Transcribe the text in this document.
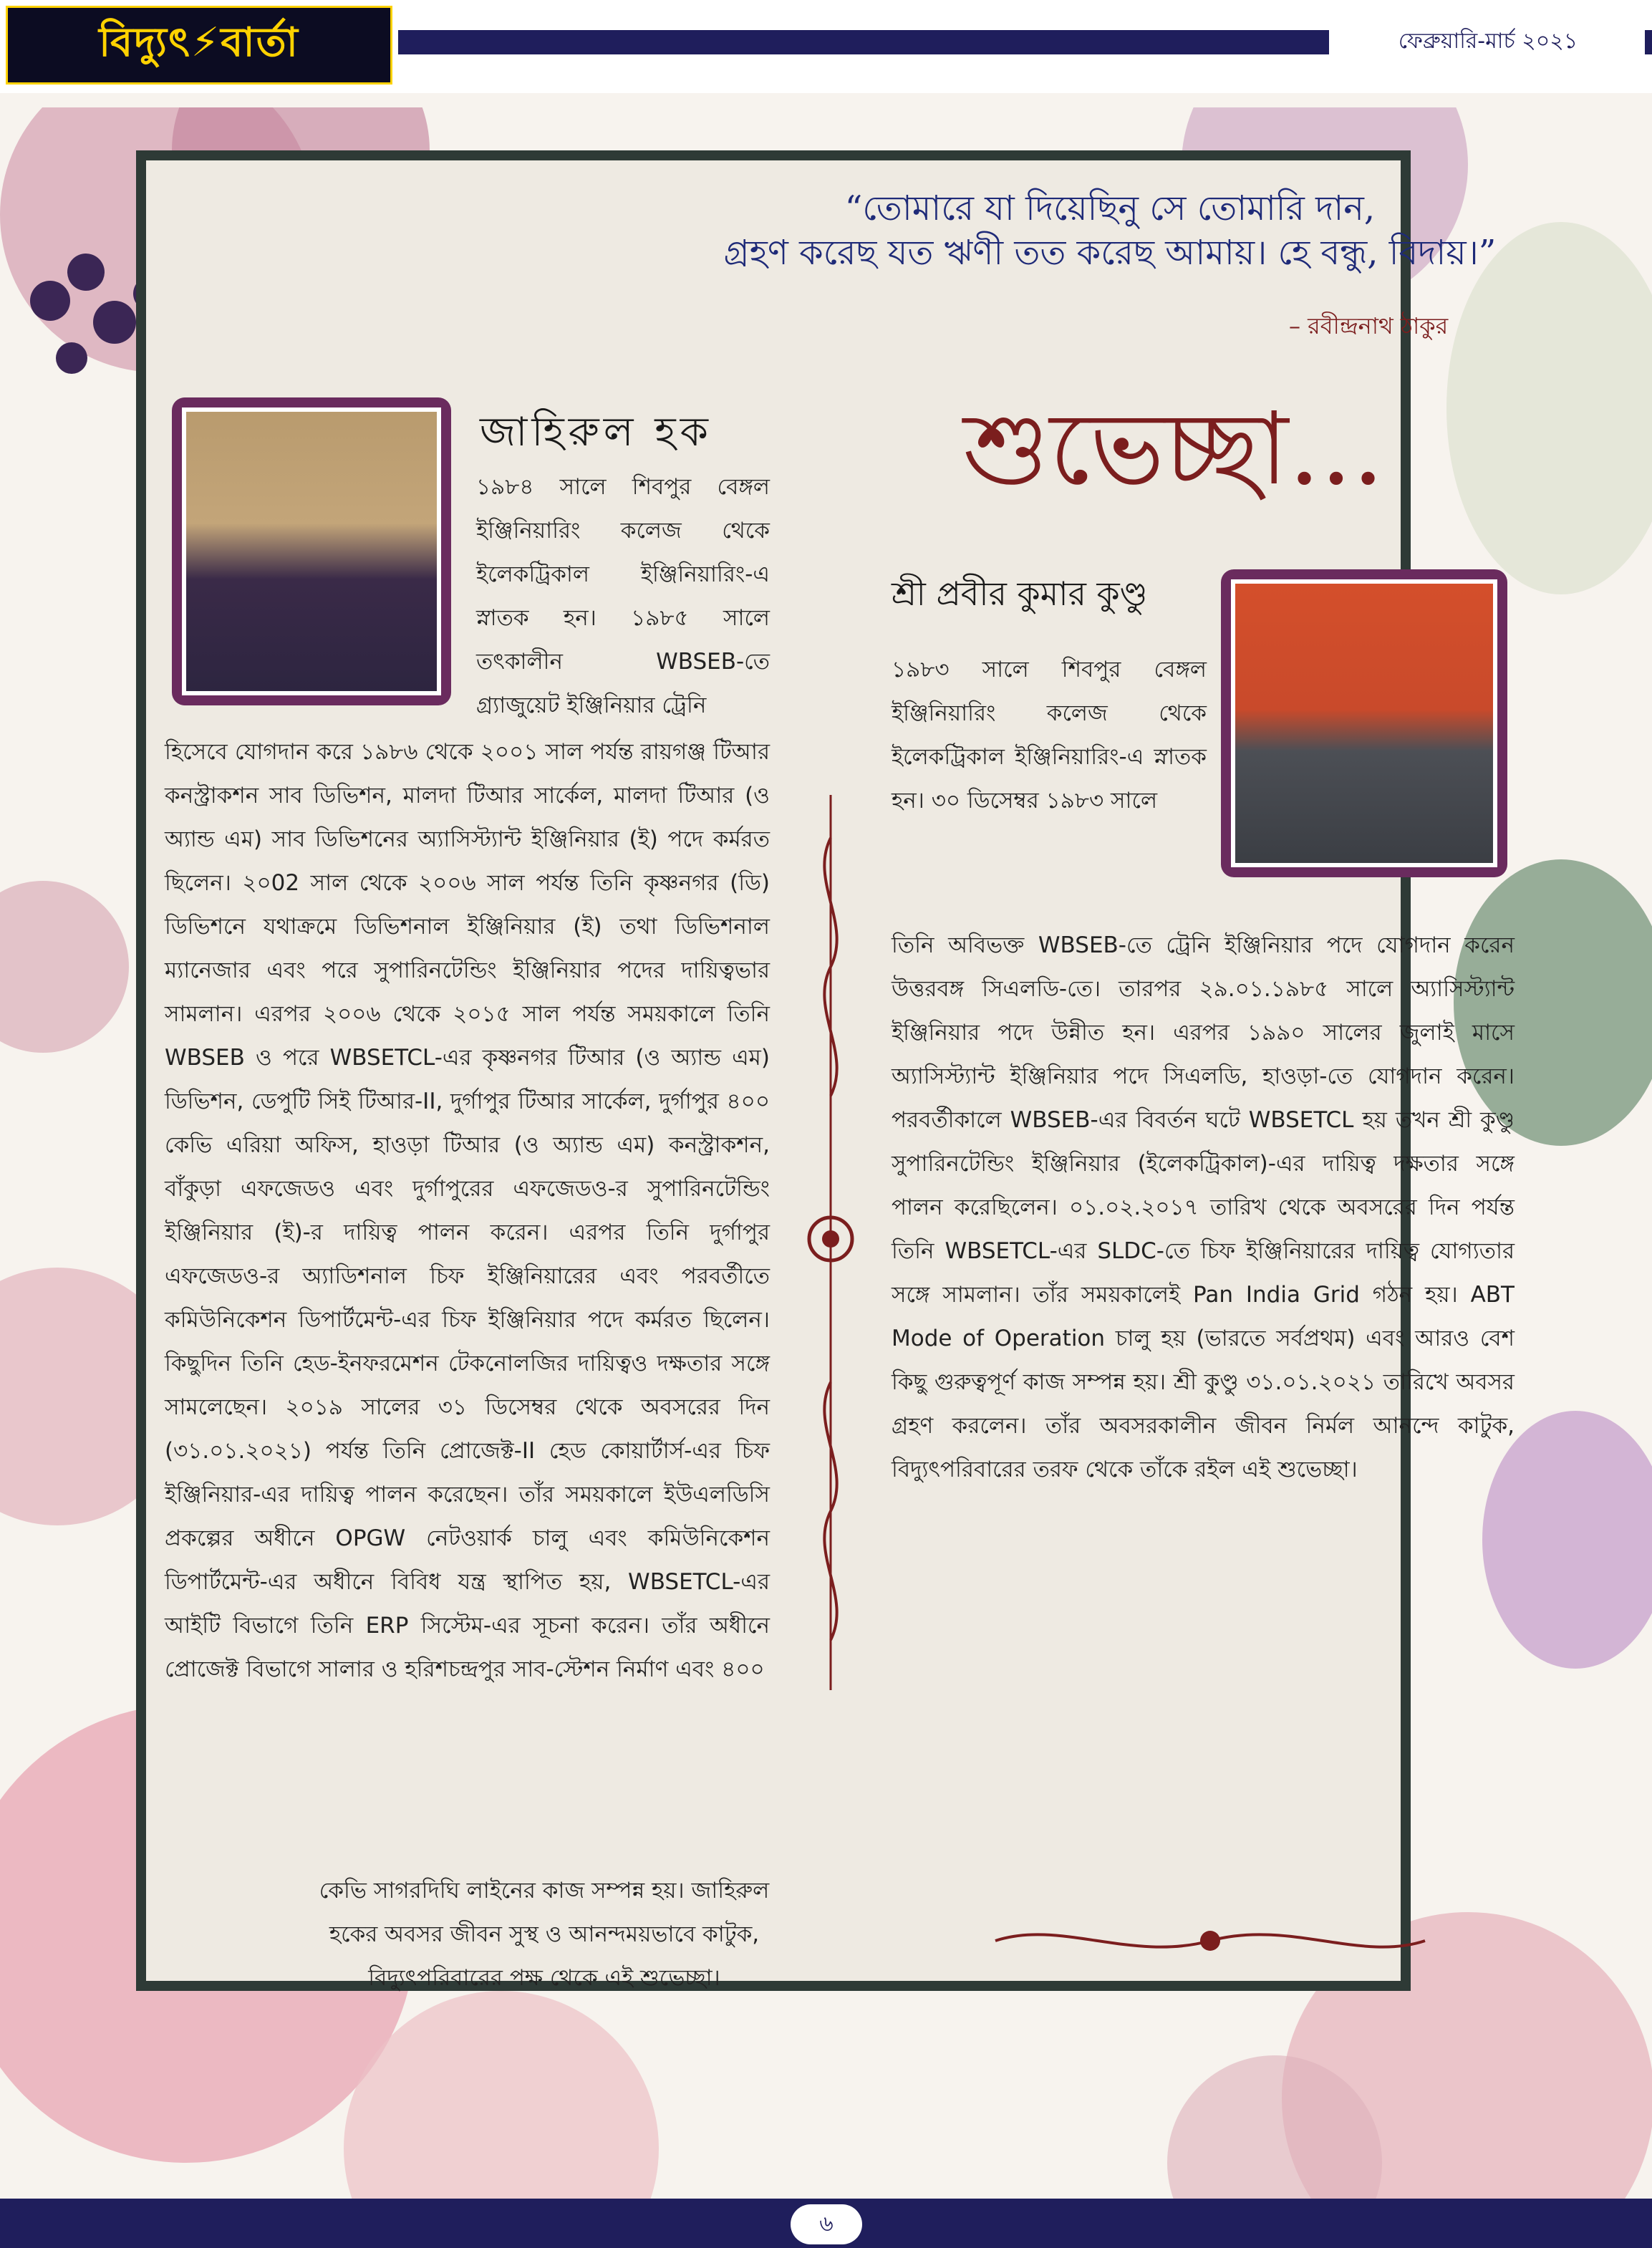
বিদ্যুৎ⚡বার্তা	ফেব্রুয়ারি-মার্চ ২০২১
“তোমারে যা দিয়েছিনু সে তোমারি দান,
গ্রহণ করেছ যত ঋণী তত করেছ আমায়। হে বন্ধু, বিদায়।”
– রবীন্দ্রনাথ ঠাকুর
জাহিরুল হক
১৯৮৪ সালে শিবপুর বেঙ্গল ইঞ্জিনিয়ারিং কলেজ থেকে ইলেকট্রিকাল ইঞ্জিনিয়ারিং-এ স্নাতক হন। ১৯৮৫ সালে তৎকালীন WBSEB-তে গ্র্যাজুয়েট ইঞ্জিনিয়ার ট্রেনি
হিসেবে যোগদান করে ১৯৮৬ থেকে ২০০১ সাল পর্যন্ত রায়গঞ্জ টিআর কনস্ট্রাকশন সাব ডিভিশন, মালদা টিআর সার্কেল, মালদা টিআর (ও অ্যান্ড এম) সাব ডিভিশনের অ্যাসিস্ট্যান্ট ইঞ্জিনিয়ার (ই) পদে কর্মরত ছিলেন। ২০02 সাল থেকে ২০০৬ সাল পর্যন্ত তিনি কৃষ্ণনগর (ডি) ডিভিশনে যথাক্রমে ডিভিশনাল ইঞ্জিনিয়ার (ই) তথা ডিভিশনাল ম্যানেজার এবং পরে সুপারিনটেন্ডিং ইঞ্জিনিয়ার পদের দায়িত্বভার সামলান। এরপর ২০০৬ থেকে ২০১৫ সাল পর্যন্ত সময়কালে তিনি WBSEB ও পরে WBSETCL-এর কৃষ্ণনগর টিআর (ও অ্যান্ড এম) ডিভিশন, ডেপুটি সিই টিআর-II, দুর্গাপুর টিআর সার্কেল, দুর্গাপুর ৪০০ কেভি এরিয়া অফিস, হাওড়া টিআর (ও অ্যান্ড এম) কনস্ট্রাকশন, বাঁকুড়া এফজেডও এবং দুর্গাপুরের এফজেডও-র সুপারিনটেন্ডিং ইঞ্জিনিয়ার (ই)-র দায়িত্ব পালন করেন। এরপর তিনি দুর্গাপুর এফজেডও-র অ্যাডিশনাল চিফ ইঞ্জিনিয়ারের এবং পরবর্তীতে কমিউনিকেশন ডিপার্টমেন্ট-এর চিফ ইঞ্জিনিয়ার পদে কর্মরত ছিলেন। কিছুদিন তিনি হেড-ইনফরমেশন টেকনোলজির দায়িত্বও দক্ষতার সঙ্গে সামলেছেন। ২০১৯ সালের ৩১ ডিসেম্বর থেকে অবসরের দিন (৩১.০১.২০২১) পর্যন্ত তিনি প্রোজেক্ট-II হেড কোয়ার্টার্স-এর চিফ ইঞ্জিনিয়ার-এর দায়িত্ব পালন করেছেন। তাঁর সময়কালে ইউএলডিসি প্রকল্পের অধীনে OPGW নেটওয়ার্ক চালু এবং কমিউনিকেশন ডিপার্টমেন্ট-এর অধীনে বিবিধ যন্ত্র স্থাপিত হয়, WBSETCL-এর আইটি বিভাগে তিনি ERP সিস্টেম-এর সূচনা করেন। তাঁর অধীনে প্রোজেক্ট বিভাগে সালার ও হরিশচন্দ্রপুর সাব-স্টেশন নির্মাণ এবং ৪০০
কেভি সাগরদিঘি লাইনের কাজ সম্পন্ন হয়। জাহিরুল হকের অবসর জীবন সুস্থ ও আনন্দময়ভাবে কাটুক, বিদ্যুৎপরিবারের পক্ষ থেকে এই শুভেচ্ছা।
শুভেচ্ছা...
শ্রী প্রবীর কুমার কুণ্ডু
১৯৮৩ সালে শিবপুর বেঙ্গল ইঞ্জিনিয়ারিং কলেজ থেকে ইলেকট্রিকাল ইঞ্জিনিয়ারিং-এ স্নাতক হন। ৩০ ডিসেম্বর ১৯৮৩ সালে
তিনি অবিভক্ত WBSEB-তে ট্রেনি ইঞ্জিনিয়ার পদে যোগদান করেন উত্তরবঙ্গ সিএলডি-তে। তারপর ২৯.০১.১৯৮৫ সালে অ্যাসিস্ট্যান্ট ইঞ্জিনিয়ার পদে উন্নীত হন। এরপর ১৯৯০ সালের জুলাই মাসে অ্যাসিস্ট্যান্ট ইঞ্জিনিয়ার পদে সিএলডি, হাওড়া-তে যোগদান করেন। পরবর্তীকালে WBSEB-এর বিবর্তন ঘটে WBSETCL হয় তখন শ্রী কুণ্ডু সুপারিনটেন্ডিং ইঞ্জিনিয়ার (ইলেকট্রিকাল)-এর দায়িত্ব দক্ষতার সঙ্গে পালন করেছিলেন। ০১.০২.২০১৭ তারিখ থেকে অবসরের দিন পর্যন্ত তিনি WBSETCL-এর SLDC-তে চিফ ইঞ্জিনিয়ারের দায়িত্ব যোগ্যতার সঙ্গে সামলান। তাঁর সময়কালেই Pan India Grid গঠন হয়। ABT Mode of Operation চালু হয় (ভারতে সর্বপ্রথম) এবং আরও বেশ কিছু গুরুত্বপূর্ণ কাজ সম্পন্ন হয়। শ্রী কুণ্ডু ৩১.০১.২০২১ তারিখে অবসর গ্রহণ করলেন। তাঁর অবসরকালীন জীবন নির্মল আনন্দে কাটুক, বিদ্যুৎপরিবারের তরফ থেকে তাঁকে রইল এই শুভেচ্ছা।
৬
